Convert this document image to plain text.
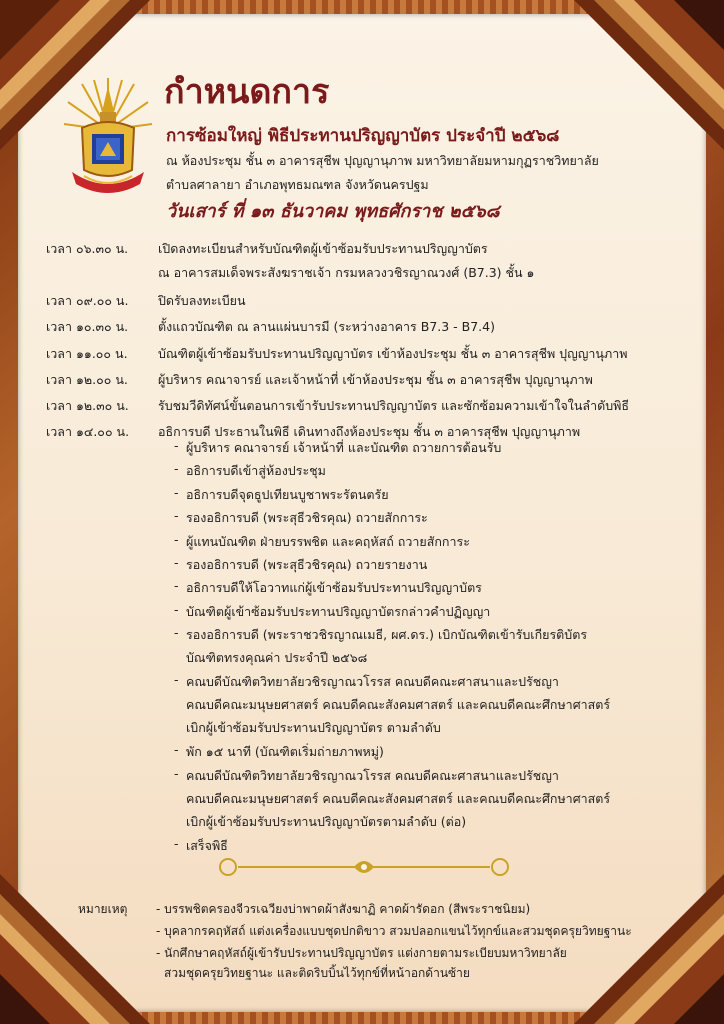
กำหนดการ
การซ้อมใหญ่ พิธีประทานปริญญาบัตร ประจำปี ๒๕๖๘
ณ ห้องประชุม ชั้น ๓ อาคารสุชีพ ปุญญานุภาพ มหาวิทยาลัยมหามกุฏราชวิทยาลัย
ตำบลศาลายา อำเภอพุทธมณฑล จังหวัดนครปฐม
วันเสาร์ ที่ ๑๓ ธันวาคม พุทธศักราช ๒๕๖๘
เวลา ๐๖.๓๐ น.	เปิดลงทะเบียนสำหรับบัณฑิตผู้เข้าซ้อมรับประทานปริญญาบัตร
ณ อาคารสมเด็จพระสังฆราชเจ้า กรมหลวงวชิรญาณวงศ์ (B7.3) ชั้น ๑
เวลา ๐๙.๐๐ น.	ปิดรับลงทะเบียน
เวลา ๑๐.๓๐ น.	ตั้งแถวบัณฑิต ณ ลานแผ่นบารมี (ระหว่างอาคาร B7.3 - B7.4)
เวลา ๑๑.๐๐ น.	บัณฑิตผู้เข้าซ้อมรับประทานปริญญาบัตร เข้าห้องประชุม ชั้น ๓ อาคารสุชีพ ปุญญานุภาพ
เวลา ๑๒.๐๐ น.	ผู้บริหาร คณาจารย์ และเจ้าหน้าที่ เข้าห้องประชุม ชั้น ๓ อาคารสุชีพ ปุญญานุภาพ
เวลา ๑๒.๓๐ น.	รับชมวีดิทัศน์ขั้นตอนการเข้ารับประทานปริญญาบัตร และซักซ้อมความเข้าใจในลำดับพิธี
เวลา ๑๔.๐๐ น.	อธิการบดี ประธานในพิธี เดินทางถึงห้องประชุม ชั้น ๓ อาคารสุชีพ ปุญญานุภาพ
- ผู้บริหาร คณาจารย์ เจ้าหน้าที่ และบัณฑิต ถวายการต้อนรับ
- อธิการบดีเข้าสู่ห้องประชุม
- อธิการบดีจุดธูปเทียนบูชาพระรัตนตรัย
- รองอธิการบดี (พระสุธีวชิรคุณ) ถวายสักการะ
- ผู้แทนบัณฑิต ฝ่ายบรรพชิต และคฤหัสถ์ ถวายสักการะ
- รองอธิการบดี (พระสุธีวชิรคุณ) ถวายรายงาน
- อธิการบดีให้โอวาทแก่ผู้เข้าซ้อมรับประทานปริญญาบัตร
- บัณฑิตผู้เข้าซ้อมรับประทานปริญญาบัตรกล่าวคำปฏิญญา
- รองอธิการบดี (พระราชวชิรญาณเมธี, ผศ.ดร.) เบิกบัณฑิตเข้ารับเกียรติบัตร
บัณฑิตทรงคุณค่า ประจำปี ๒๕๖๘
- คณบดีบัณฑิตวิทยาลัยวชิรญาณวโรรส คณบดีคณะศาสนาและปรัชญา
คณบดีคณะมนุษยศาสตร์ คณบดีคณะสังคมศาสตร์ และคณบดีคณะศึกษาศาสตร์
เบิกผู้เข้าซ้อมรับประทานปริญญาบัตร ตามลำดับ
- พัก ๑๕ นาที (บัณฑิตเริ่มถ่ายภาพหมู่)
- คณบดีบัณฑิตวิทยาลัยวชิรญาณวโรรส คณบดีคณะศาสนาและปรัชญา
คณบดีคณะมนุษยศาสตร์ คณบดีคณะสังคมศาสตร์ และคณบดีคณะศึกษาศาสตร์
เบิกผู้เข้าซ้อมรับประทานปริญญาบัตรตามลำดับ (ต่อ)
- เสร็จพิธี
หมายเหตุ - บรรพชิตครองจีวรเฉวียงบ่าพาดผ้าสังฆาฏิ คาดผ้ารัดอก (สีพระราชนิยม)
- บุคลากรคฤหัสถ์ แต่งเครื่องแบบชุดปกติขาว สวมปลอกแขนไว้ทุกข์และสวมชุดครุยวิทยฐานะ
- นักศึกษาคฤหัสถ์ผู้เข้ารับประทานปริญญาบัตร แต่งกายตามระเบียบมหาวิทยาลัย
สวมชุดครุยวิทยฐานะ และติดริบบิ้นไว้ทุกข์ที่หน้าอกด้านซ้าย
